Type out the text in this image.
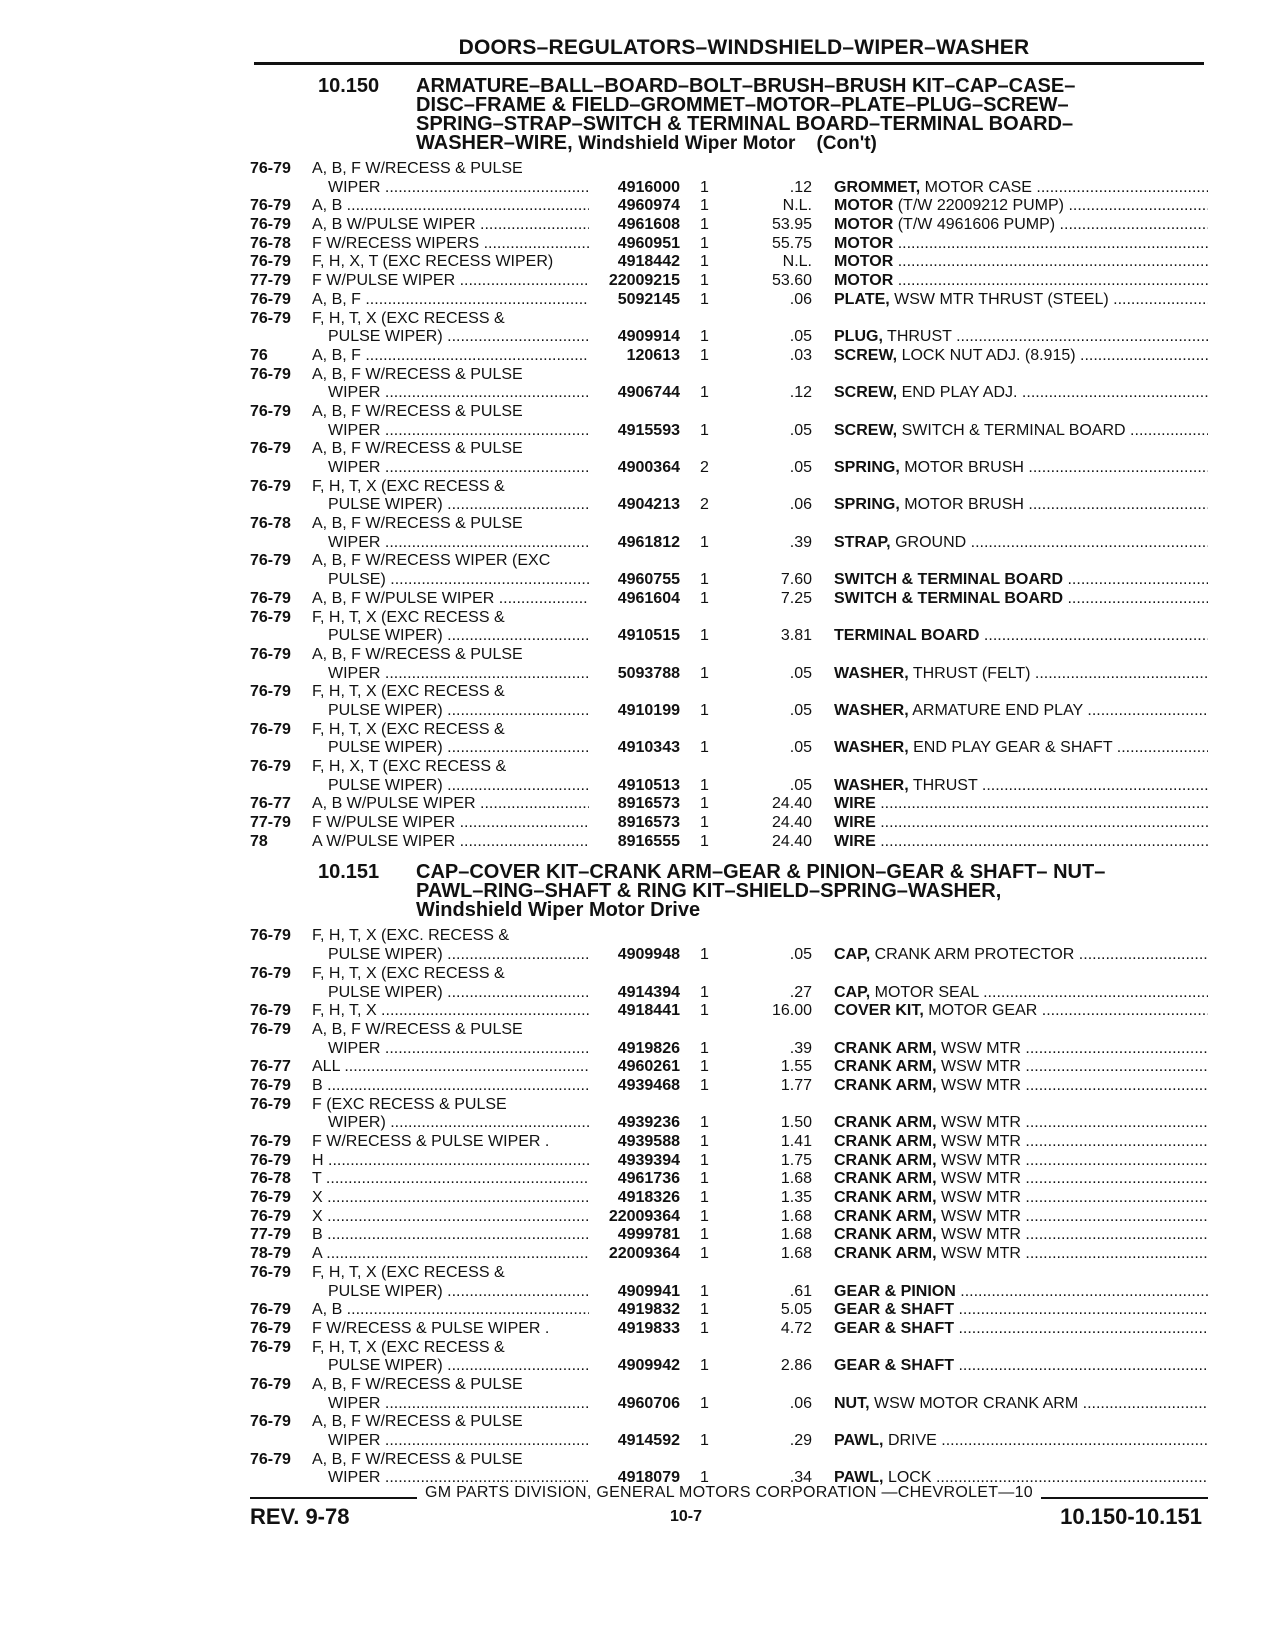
DOORS–REGULATORS–WINDSHIELD–WIPER–WASHER
10.150	ARMATURE–BALL–BOARD–BOLT–BRUSH–BRUSH KIT–CAP–CASE–
DISC–FRAME & FIELD–GROMMET–MOTOR–PLATE–PLUG–SCREW–
SPRING–STRAP–SWITCH & TERMINAL BOARD–TERMINAL BOARD–
WASHER–WIRE, Windshield Wiper Motor    (Con't)
76-79	A, B, F W/RECESS & PULSE
WIPER .....	4916000 1	.12 GROMMET, MOTOR CASE .....
76-79	A, B .....	4960974 1	N.L. MOTOR (T/W 22009212 PUMP) .....
76-79	A, B W/PULSE WIPER .....	4961608 1	53.95 MOTOR (T/W 4961606 PUMP) .....
76-78	F W/RECESS WIPERS .....	4960951 1	55.75 MOTOR .....
76-79	F, H, X, T (EXC RECESS WIPER)	4918442 1	N.L. MOTOR .....
77-79	F W/PULSE WIPER .....	22009215 1	53.60 MOTOR .....
76-79	A, B, F .....	5092145 1	.06 PLATE, WSW MTR THRUST (STEEL) .....
76-79	F, H, T, X (EXC RECESS &
PULSE WIPER) .....	4909914 1	.05 PLUG, THRUST .....
76	A, B, F .....	120613 1	.03 SCREW, LOCK NUT ADJ. (8.915) .....
76-79	A, B, F W/RECESS & PULSE
WIPER .....	4906744 1	.12 SCREW, END PLAY ADJ. .....
76-79	A, B, F W/RECESS & PULSE
WIPER .....	4915593 1	.05 SCREW, SWITCH & TERMINAL BOARD .....
76-79	A, B, F W/RECESS & PULSE
WIPER .....	4900364 2	.05 SPRING, MOTOR BRUSH .....
76-79	F, H, T, X (EXC RECESS &
PULSE WIPER) .....	4904213 2	.06 SPRING, MOTOR BRUSH .....
76-78	A, B, F W/RECESS & PULSE
WIPER .....	4961812 1	.39 STRAP, GROUND .....
76-79	A, B, F W/RECESS WIPER (EXC
PULSE) .....	4960755 1	7.60 SWITCH & TERMINAL BOARD .....
76-79	A, B, F W/PULSE WIPER .....	4961604 1	7.25 SWITCH & TERMINAL BOARD .....
76-79	F, H, T, X (EXC RECESS &
PULSE WIPER) .....	4910515 1	3.81 TERMINAL BOARD .....
76-79	A, B, F W/RECESS & PULSE
WIPER .....	5093788 1	.05 WASHER, THRUST (FELT) .....
76-79	F, H, T, X (EXC RECESS &
PULSE WIPER) .....	4910199 1	.05 WASHER, ARMATURE END PLAY .....
76-79	F, H, T, X (EXC RECESS &
PULSE WIPER) .....	4910343 1	.05 WASHER, END PLAY GEAR & SHAFT .....
76-79	F, H, X, T (EXC RECESS &
PULSE WIPER) .....	4910513 1	.05 WASHER, THRUST .....
76-77	A, B W/PULSE WIPER .....	8916573 1	24.40 WIRE .....
77-79	F W/PULSE WIPER .....	8916573 1	24.40 WIRE .....
78	A W/PULSE WIPER .....	8916555 1	24.40 WIRE .....
10.151	CAP–COVER KIT–CRANK ARM–GEAR & PINION–GEAR & SHAFT– NUT–
PAWL–RING–SHAFT & RING KIT–SHIELD–SPRING–WASHER,
Windshield Wiper Motor Drive
76-79	F, H, T, X (EXC. RECESS &
PULSE WIPER) .....	4909948 1	.05 CAP, CRANK ARM PROTECTOR .....
76-79	F, H, T, X (EXC RECESS &
PULSE WIPER) .....	4914394 1	.27 CAP, MOTOR SEAL .....
76-79	F, H, T, X .....	4918441 1	16.00 COVER KIT, MOTOR GEAR .....
76-79	A, B, F W/RECESS & PULSE
WIPER .....	4919826 1	.39 CRANK ARM, WSW MTR .....
76-77	ALL .....	4960261 1	1.55 CRANK ARM, WSW MTR .....
76-79	B .....	4939468 1	1.77 CRANK ARM, WSW MTR .....
76-79	F (EXC RECESS & PULSE
WIPER) .....	4939236 1	1.50 CRANK ARM, WSW MTR .....
76-79	F W/RECESS & PULSE WIPER .	4939588 1	1.41 CRANK ARM, WSW MTR .....
76-79	H .....	4939394 1	1.75 CRANK ARM, WSW MTR .....
76-78	T .....	4961736 1	1.68 CRANK ARM, WSW MTR .....
76-79	X .....	4918326 1	1.35 CRANK ARM, WSW MTR .....
76-79	X .....	22009364 1	1.68 CRANK ARM, WSW MTR .....
77-79	B .....	4999781 1	1.68 CRANK ARM, WSW MTR .....
78-79	A .....	22009364 1	1.68 CRANK ARM, WSW MTR .....
76-79	F, H, T, X (EXC RECESS &
PULSE WIPER) .....	4909941 1	.61 GEAR & PINION .....
76-79	A, B .....	4919832 1	5.05 GEAR & SHAFT .....
76-79	F W/RECESS & PULSE WIPER .	4919833 1	4.72 GEAR & SHAFT .....
76-79	F, H, T, X (EXC RECESS &
PULSE WIPER) .....	4909942 1	2.86 GEAR & SHAFT .....
76-79	A, B, F W/RECESS & PULSE
WIPER .....	4960706 1	.06 NUT, WSW MOTOR CRANK ARM .....
76-79	A, B, F W/RECESS & PULSE
WIPER .....	4914592 1	.29 PAWL, DRIVE .....
76-79	A, B, F W/RECESS & PULSE
WIPER .....	4918079 1	.34 PAWL, LOCK .....
GM PARTS DIVISION, GENERAL MOTORS CORPORATION —CHEVROLET—10
REV. 9-78	10-7	10.150-10.151
